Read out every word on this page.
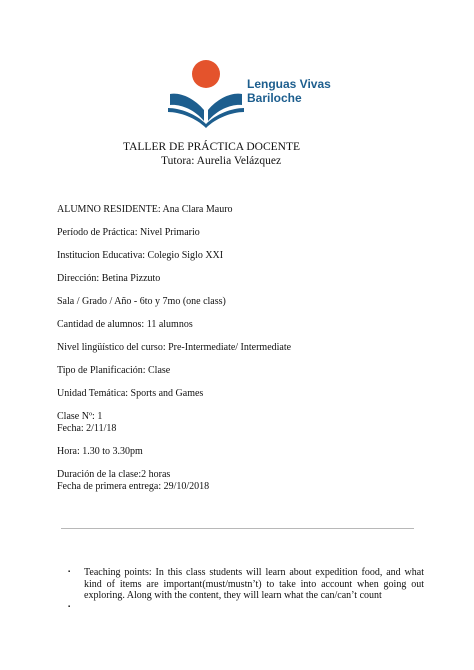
Lenguas Vivas
Bariloche
TALLER DE PRÁCTICA DOCENTE
Tutora: Aurelia Velázquez
ALUMNO RESIDENTE: Ana Clara Mauro
Período de Práctica: Nivel Primario
Institucion Educativa: Colegio Siglo XXI
Dirección: Betina Pizzuto
Sala / Grado / Año - 6to y 7mo (one class)
Cantidad de alumnos: 11 alumnos
Nivel lingüístico del curso: Pre-Intermediate/ Intermediate
Tipo de Planificación: Clase
Unidad Temática: Sports and Games
Clase Nº: 1
Fecha: 2/11/18
Hora: 1.30 to 3.30pm
Duración de la clase:2 horas
Fecha de primera entrega: 29/10/2018
▪ Teaching points: In this class students will learn about expedition food, and what kind of items are important(must/mustn’t) to take into account when going out exploring. Along with the content, they will learn what the can/can’t count
▪
